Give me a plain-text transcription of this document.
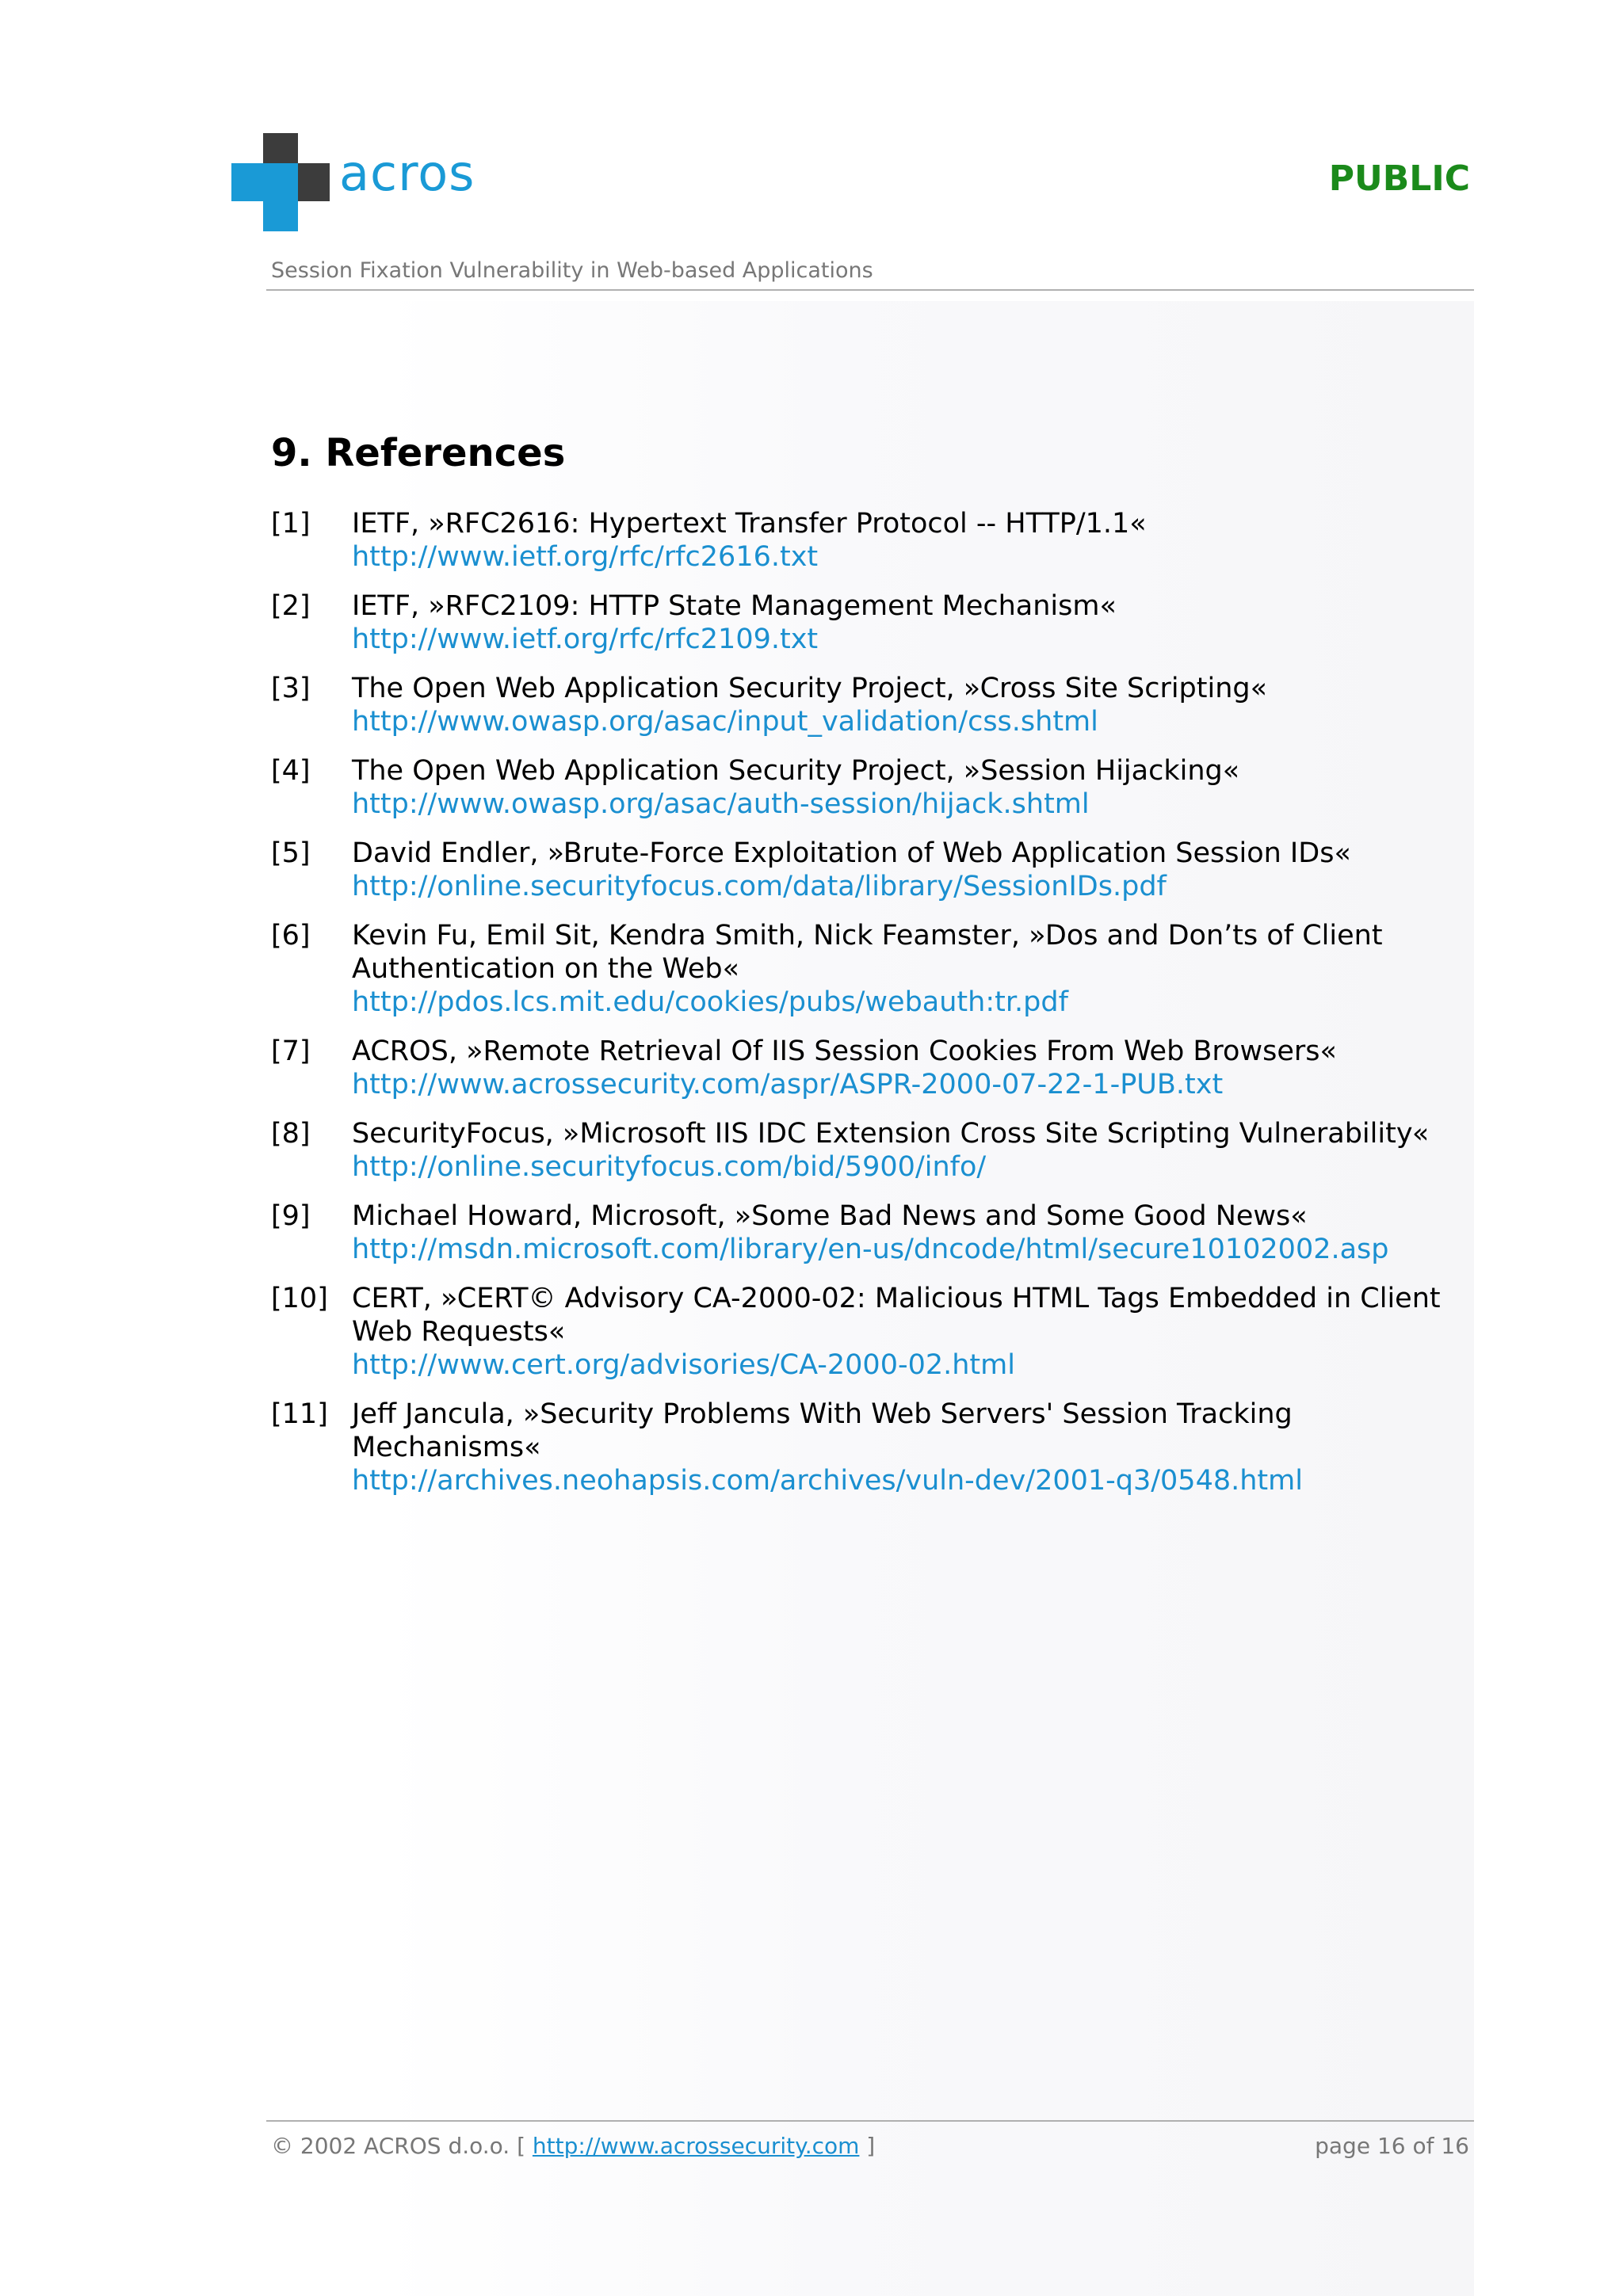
acros	PUBLIC
Session Fixation Vulnerability in Web-based Applications
9. References
[1]	IETF, »RFC2616: Hypertext Transfer Protocol -- HTTP/1.1«
http://www.ietf.org/rfc/rfc2616.txt
[2]	IETF, »RFC2109: HTTP State Management Mechanism«
http://www.ietf.org/rfc/rfc2109.txt
[3]	The Open Web Application Security Project, »Cross Site Scripting«
http://www.owasp.org/asac/input_validation/css.shtml
[4]	The Open Web Application Security Project, »Session Hijacking«
http://www.owasp.org/asac/auth-session/hijack.shtml
[5]	David Endler, »Brute-Force Exploitation of Web Application Session IDs«
http://online.securityfocus.com/data/library/SessionIDs.pdf
[6]	Kevin Fu, Emil Sit, Kendra Smith, Nick Feamster, »Dos and Don’ts of Client Authentication on the Web«
http://pdos.lcs.mit.edu/cookies/pubs/webauth:tr.pdf
[7]	ACROS, »Remote Retrieval Of IIS Session Cookies From Web Browsers«
http://www.acrossecurity.com/aspr/ASPR-2000-07-22-1-PUB.txt
[8]	SecurityFocus, »Microsoft IIS IDC Extension Cross Site Scripting Vulnerability«
http://online.securityfocus.com/bid/5900/info/
[9]	Michael Howard, Microsoft, »Some Bad News and Some Good News«
http://msdn.microsoft.com/library/en-us/dncode/html/secure10102002.asp
[10] CERT, »CERT© Advisory CA-2000-02: Malicious HTML Tags Embedded in Client Web Requests«
http://www.cert.org/advisories/CA-2000-02.html
[11] Jeff Jancula, »Security Problems With Web Servers' Session Tracking Mechanisms«
http://archives.neohapsis.com/archives/vuln-dev/2001-q3/0548.html
© 2002 ACROS d.o.o. [ http://www.acrossecurity.com ]	page 16 of 16
